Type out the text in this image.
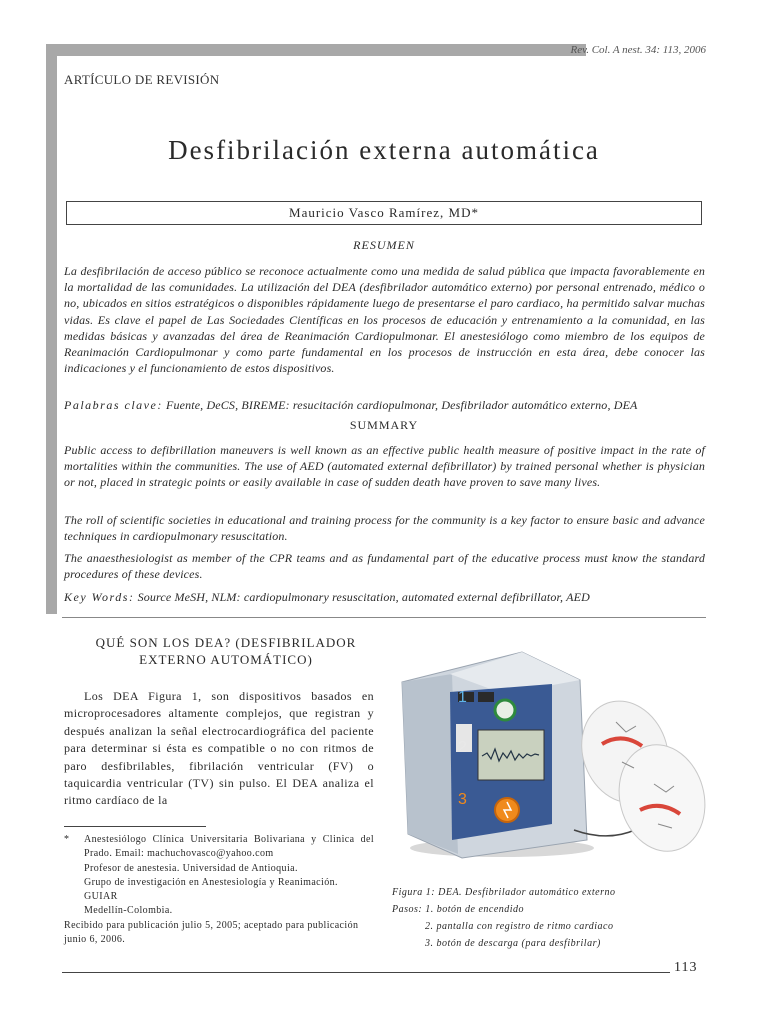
Rev. Col. A nest. 34: 113, 2006
ARTÍCULO DE REVISIÓN
Desfibrilación externa automática
Mauricio Vasco Ramírez, MD*
RESUMEN
La desfibrilación de acceso público se reconoce actualmente como una medida de salud pública que impacta favorablemente en la mortalidad de las comunidades. La utilización del DEA (desfibrilador automático externo) por personal entrenado, médico o no, ubicados en sitios estratégicos o disponibles rápidamente luego de presentarse el paro cardiaco, ha permitido salvar muchas vidas. Es clave el papel de Las Sociedades Científicas en los procesos de educación y entrenamiento a la comunidad, en las medidas básicas y avanzadas del área de Reanimación Cardiopulmonar. El anestesiólogo como miembro de los equipos de Reanimación Cardiopulmonar y como parte fundamental en los procesos de instrucción en esta área, debe conocer las indicaciones y el funcionamiento de estos dispositivos.
Palabras clave: Fuente, DeCS, BIREME: resucitación cardiopulmonar, Desfibrilador automático externo, DEA
SUMMARY
Public access to defibrillation maneuvers is well known as an effective public health measure of positive impact in the rate of mortalities within the communities. The use of AED (automated external defibrillator) by trained personal whether is physician or not, placed in strategic points or easily available in case of sudden death have proven to save many lives.
The roll of scientific societies in educational and training process for the community is a key factor to ensure basic and advance techniques in cardiopulmonary resuscitation.
The anaesthesiologist as member of the CPR teams and as fundamental part of the educative process must know the standard procedures of these devices.
Key Words: Source MeSH, NLM: cardiopulmonary resuscitation, automated external defibrillator, AED
QUÉ SON LOS DEA? (DESFIBRILADOR EXTERNO AUTOMÁTICO)
Los DEA Figura 1, son dispositivos basados en microprocesadores altamente complejos, que registran y después analizan la señal electrocardiográfica del paciente para determinar si ésta es compatible o no con ritmos de paro desfibrilables, fibrilación ventricular (FV) o taquicardia ventricular (TV) sin pulso. El DEA analiza el ritmo cardíaco de la
*	Anestesiólogo Clínica Universitaria Bolivariana y Clinica del Prado. Email: machuchovasco@yahoo.com
Profesor de anestesia. Universidad de Antioquia.
Grupo de investigación en Anestesiología y Reanimación. GUIAR
Medellín-Colombia.
Recibido para publicación julio 5, 2005; aceptado para publicación junio 6, 2006.
1
2
3
Figura 1: DEA. Desfibrilador automático externo
Pasos: 1. botón de encendido
2. pantalla con registro de ritmo cardiaco
3. botón de descarga (para desfibrilar)
113
